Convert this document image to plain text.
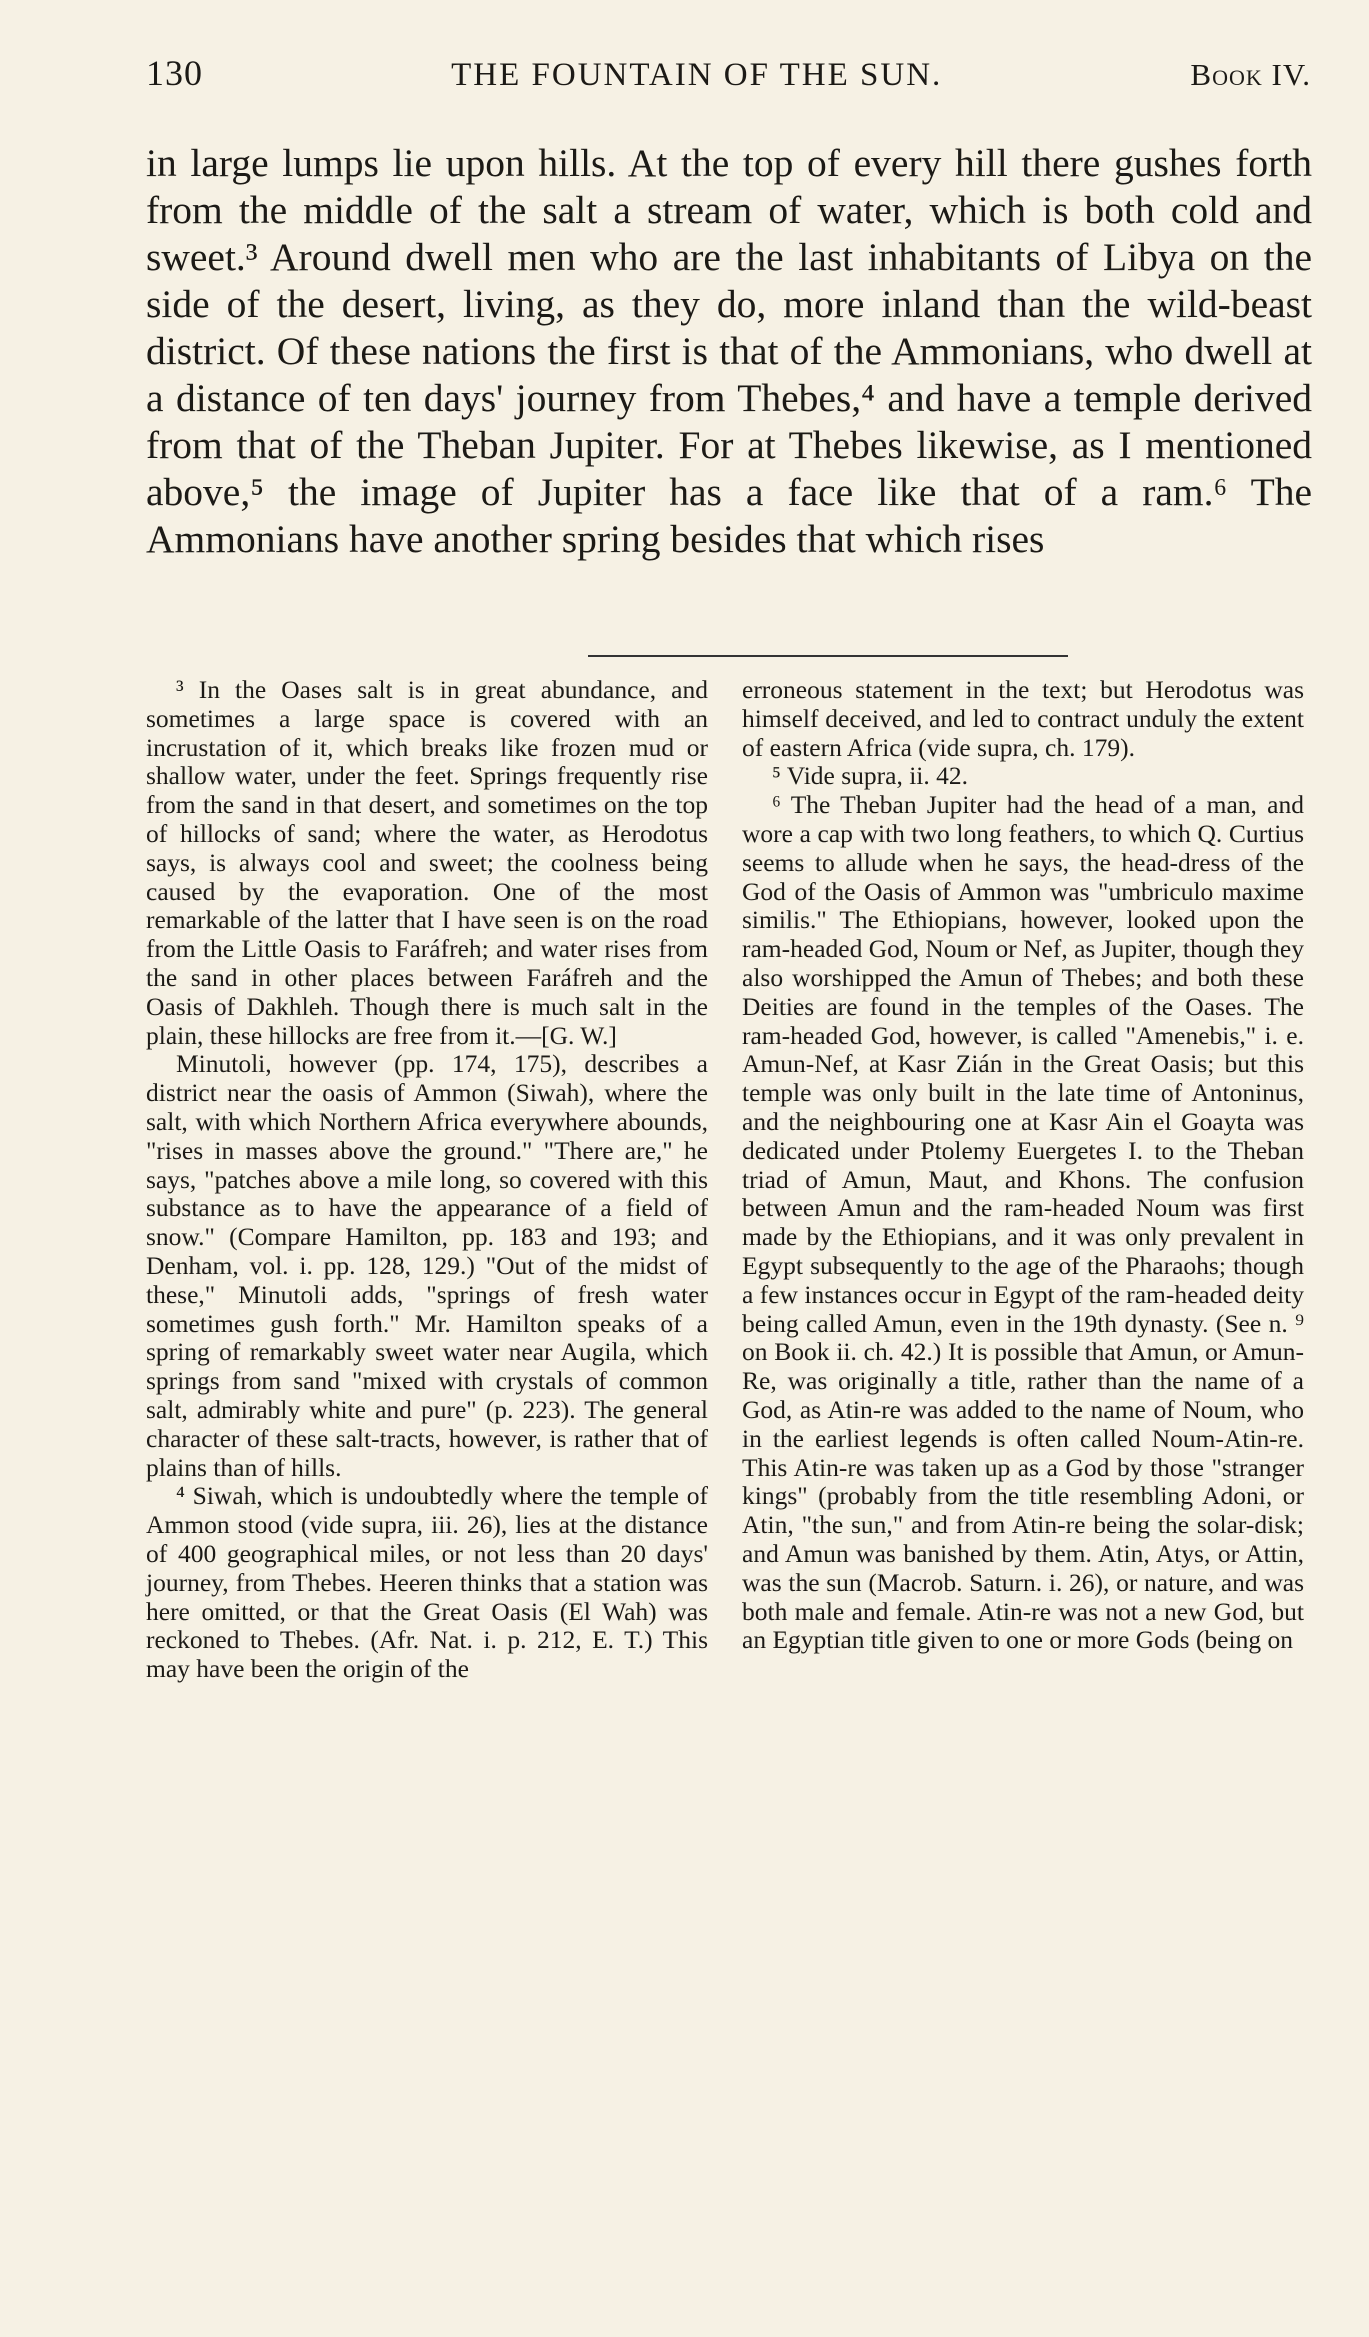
130	THE FOUNTAIN OF THE SUN.	Book IV.
in large lumps lie upon hills. At the top of every hill there gushes forth from the middle of the salt a stream of water, which is both cold and sweet.³ Around dwell men who are the last inhabitants of Libya on the side of the desert, living, as they do, more inland than the wild-beast district. Of these nations the first is that of the Ammonians, who dwell at a distance of ten days' journey from Thebes,⁴ and have a temple derived from that of the Theban Jupiter. For at Thebes likewise, as I mentioned above,⁵ the image of Jupiter has a face like that of a ram.⁶ The Ammonians have another spring besides that which rises

³ In the Oases salt is in great abundance, and sometimes a large space is covered with an incrustation of it, which breaks like frozen mud or shallow water, under the feet. Springs frequently rise from the sand in that desert, and sometimes on the top of hillocks of sand; where the water, as Herodotus says, is always cool and sweet; the coolness being caused by the evaporation. One of the most remarkable of the latter that I have seen is on the road from the Little Oasis to Faráfreh; and water rises from the sand in other places between Faráfreh and the Oasis of Dakhleh. Though there is much salt in the plain, these hillocks are free from it.—[G. W.]

Minutoli, however (pp. 174, 175), describes a district near the oasis of Ammon (Siwah), where the salt, with which Northern Africa everywhere abounds, "rises in masses above the ground." "There are," he says, "patches above a mile long, so covered with this substance as to have the appearance of a field of snow." (Compare Hamilton, pp. 183 and 193; and Denham, vol. i. pp. 128, 129.) "Out of the midst of these," Minutoli adds, "springs of fresh water sometimes gush forth." Mr. Hamilton speaks of a spring of remarkably sweet water near Augila, which springs from sand "mixed with crystals of common salt, admirably white and pure" (p. 223). The general character of these salt-tracts, however, is rather that of plains than of hills.

⁴ Siwah, which is undoubtedly where the temple of Ammon stood (vide supra, iii. 26), lies at the distance of 400 geographical miles, or not less than 20 days' journey, from Thebes. Heeren thinks that a station was here omitted, or that the Great Oasis (El Wah) was reckoned to Thebes. (Afr. Nat. i. p. 212, E. T.) This may have been the origin of the

erroneous statement in the text; but Herodotus was himself deceived, and led to contract unduly the extent of eastern Africa (vide supra, ch. 179).

⁵ Vide supra, ii. 42.

⁶ The Theban Jupiter had the head of a man, and wore a cap with two long feathers, to which Q. Curtius seems to allude when he says, the head-dress of the God of the Oasis of Ammon was "umbriculo maxime similis." The Ethiopians, however, looked upon the ram-headed God, Noum or Nef, as Jupiter, though they also worshipped the Amun of Thebes; and both these Deities are found in the temples of the Oases. The ram-headed God, however, is called "Amenebis," i. e. Amun-Nef, at Kasr Zián in the Great Oasis; but this temple was only built in the late time of Antoninus, and the neighbouring one at Kasr Ain el Goayta was dedicated under Ptolemy Euergetes I. to the Theban triad of Amun, Maut, and Khons. The confusion between Amun and the ram-headed Noum was first made by the Ethiopians, and it was only prevalent in Egypt subsequently to the age of the Pharaohs; though a few instances occur in Egypt of the ram-headed deity being called Amun, even in the 19th dynasty. (See n. ⁹ on Book ii. ch. 42.) It is possible that Amun, or Amun-Re, was originally a title, rather than the name of a God, as Atin-re was added to the name of Noum, who in the earliest legends is often called Noum-Atin-re. This Atin-re was taken up as a God by those "stranger kings" (probably from the title resembling Adoni, or Atin, "the sun," and from Atin-re being the solar-disk; and Amun was banished by them. Atin, Atys, or Attin, was the sun (Macrob. Saturn. i. 26), or nature, and was both male and female. Atin-re was not a new God, but an Egyptian title given to one or more Gods (being on
